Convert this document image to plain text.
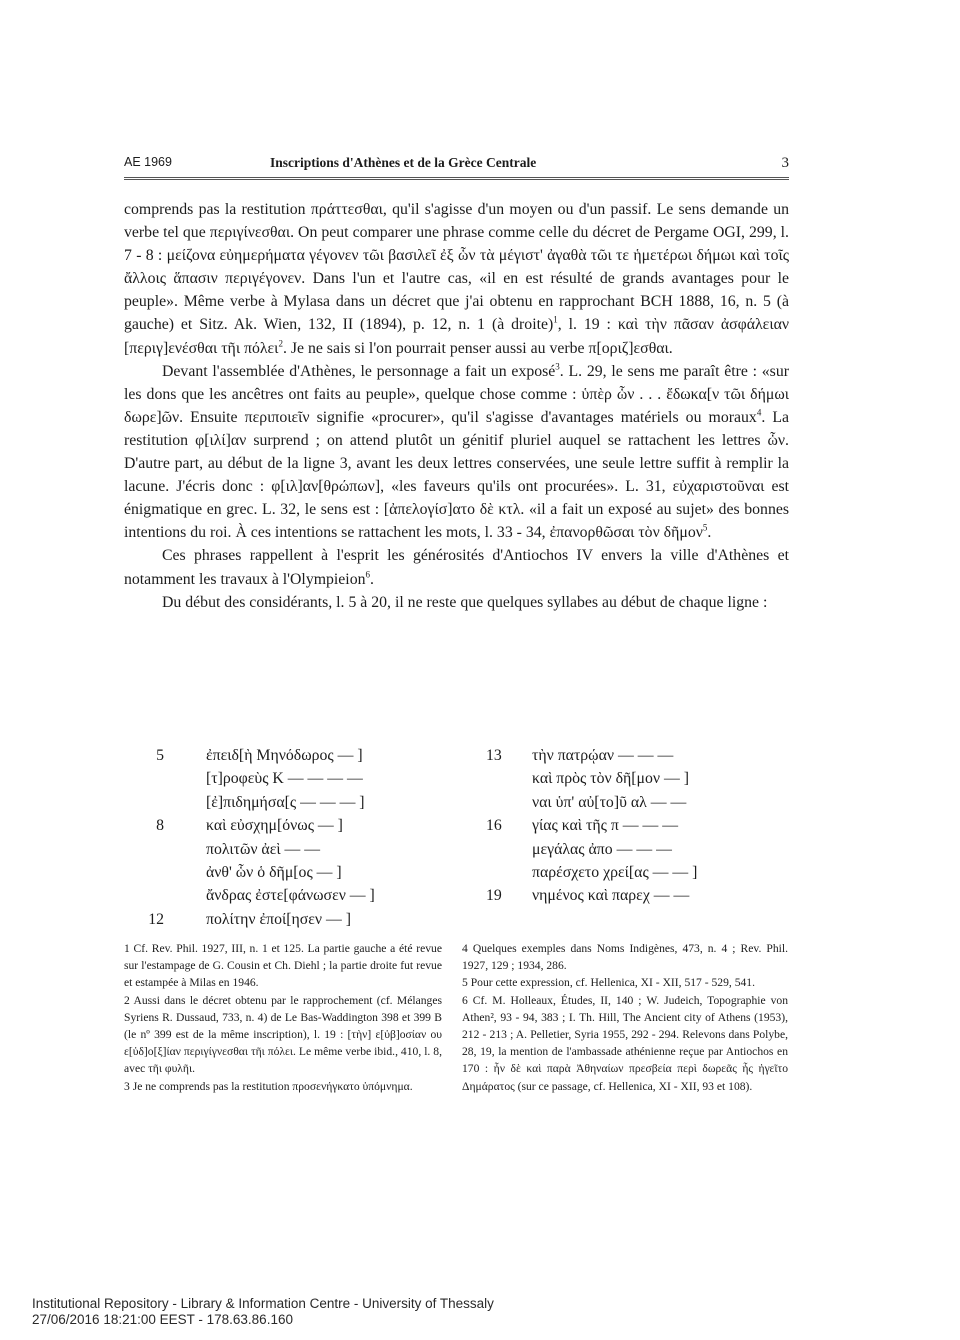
ΑΕ 1969	Inscriptions d'Athènes et de la Grèce Centrale	3

comprends pas la restitution πράττεσθαι, qu'il s'agisse d'un moyen ou d'un passif. Le sens demande un verbe tel que περιγίνεσθαι. On peut comparer une phrase comme celle du décret de Pergame OGI, 299, l. 7 - 8 : μείζονα εὐημερήματα γέγονεν τῶι βασιλεῖ ἐξ ὧν τὰ μέγιστ' ἀγαθὰ τῶι τε ἡμετέρωι δήμωι καὶ τοῖς ἄλλοις ἅπασιν περιγέγονεν. Dans l'un et l'autre cas, «il en est résulté de grands avantages pour le peuple». Même verbe à Mylasa dans un décret que j'ai obtenu en rapprochant BCH 1888, 16, n. 5 (à gauche) et Sitz. Ak. Wien, 132, II (1894), p. 12, n. 1 (à droite)$^1$, l. 19 : καὶ τὴν πᾶσαν ἀσφάλειαν [περιγ]ενέσθαι τῆι πόλει$^2$. Je ne sais si l'on pourrait penser aussi au verbe π[οριζ]εσθαι.

Devant l'assemblée d'Athènes, le personnage a fait un exposé$^3$. L. 29, le sens me paraît être : «sur les dons que les ancêtres ont faits au peuple», quelque chose comme : ὑπὲρ ὧν . . . ἔδωκα[ν τῶι δήμωι δωρε]ῶν. Ensuite περιποιεῖν signifie «procurer», qu'il s'agisse d'avantages matériels ou moraux$^4$. La restitution φ[ιλί]αν surprend ; on attend plutôt un génitif pluriel auquel se rattachent les lettres ὧν. D'autre part, au début de la ligne 3, avant les deux lettres conservées, une seule lettre suffit à remplir la lacune. J'écris donc : φ[ιλ]αν[θρώπων], «les faveurs qu'ils ont procurées». L. 31, εὐχαριστοῦναι est énigmatique en grec. L. 32, le sens est : [ἀπελογίσ]ατο δὲ κτλ. «il a fait un exposé au sujet» des bonnes intentions du roi. À ces intentions se rattachent les mots, l. 33 - 34, ἐπανορθῶσαι τὸν δῆμον$^5$.

Ces phrases rappellent à l'esprit les générosités d'Antiochos IV envers la ville d'Athènes et notamment les travaux à l'Olympieion$^6$.

Du début des considérants, l. 5 à 20, il ne reste que quelques syllabes au début de chaque ligne :

5	ἐπειδ[ὴ Μηνόδωρος — ]
[τ]ροφεὺς Κ — — — —
[ἐ]πιδημήσα[ς — — — ]
8	καὶ εὐσχημ[όνως — ]
πολιτῶν ἀεὶ — —
ἀνθ' ὧν ὁ δῆμ[ος — ]
ἄνδρας ἐστε[φάνωσεν — ]
12	πολίτην ἐποί[ησεν — ]
13	τὴν πατρῴαν — — —
καὶ πρὸς τὸν δῆ[μον — ]
ναι ὑπ' αὐ[το]ῦ αλ — —
16	γίας καὶ τῆς π — — —
μεγάλας ἀπο — — —
παρέσχετο χρεί[ας — — ]
19	νημένος καὶ παρεχ — —

1 Cf. Rev. Phil. 1927, III, n. 1 et 125. La partie gauche a été revue sur l'estampage de G. Cousin et Ch. Diehl ; la partie droite fut revue et estampée à Milas en 1946.

2 Aussi dans le décret obtenu par le rapprochement (cf. Mélanges Syriens R. Dussaud, 733, n. 4) de Le Bas-Waddington 398 et 399 B (le nº 399 est de la même inscription), l. 19 : [τὴν] ε[ὐβ]οσίαν ου ε[ὐδ]ο[ξ]ίαν περιγίγνεσθαι τῆι πόλει. Le même verbe ibid., 410, l. 8, avec τῆι φυλῆι.

3 Je ne comprends pas la restitution προσενήγκατο ὑπόμνημα.

4 Quelques exemples dans Noms Indigènes, 473, n. 4 ; Rev. Phil. 1927, 129 ; 1934, 286.

5 Pour cette expression, cf. Hellenica, XI - XII, 517 - 529, 541.

6 Cf. M. Holleaux, Études, II, 140 ; W. Judeich, Topographie von Athen², 93 - 94, 383 ; I. Th. Hill, The Ancient city of Athens (1953), 212 - 213 ; A. Pelletier, Syria 1955, 292 - 294. Relevons dans Polybe, 28, 19, la mention de l'ambassade athénienne reçue par Antiochos en 170 : ἦν δὲ καὶ παρὰ Ἀθηναίων πρεσβεία περὶ δωρεᾶς ἧς ἡγεῖτο Δημάρατος (sur ce passage, cf. Hellenica, XI - XII, 93 et 108).

Institutional Repository - Library & Information Centre - University of Thessaly
27/06/2016 18:21:00 EEST - 178.63.86.160
